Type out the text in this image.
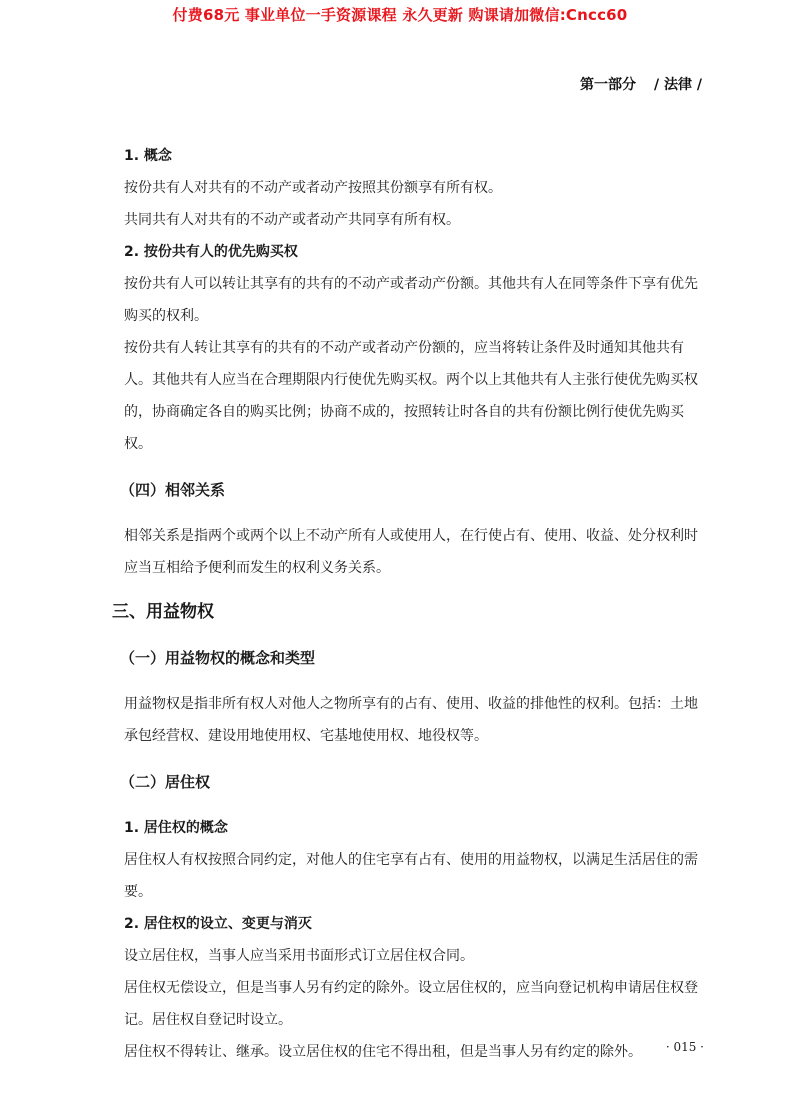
付费68元 事业单位一手资源课程 永久更新 购课请加微信:Cncc60
第一部分 / 法律 /
1. 概念

按份共有人对共有的不动产或者动产按照其份额享有所有权。

共同共有人对共有的不动产或者动产共同享有所有权。

2. 按份共有人的优先购买权

按份共有人可以转让其享有的共有的不动产或者动产份额。其他共有人在同等条件下享有优先购买的权利。

按份共有人转让其享有的共有的不动产或者动产份额的，应当将转让条件及时通知其他共有人。其他共有人应当在合理期限内行使优先购买权。两个以上其他共有人主张行使优先购买权的，协商确定各自的购买比例；协商不成的，按照转让时各自的共有份额比例行使优先购买权。

（四）相邻关系

相邻关系是指两个或两个以上不动产所有人或使用人，在行使占有、使用、收益、处分权利时应当互相给予便利而发生的权利义务关系。

三、用益物权
（一）用益物权的概念和类型

用益物权是指非所有权人对他人之物所享有的占有、使用、收益的排他性的权利。包括：土地承包经营权、建设用地使用权、宅基地使用权、地役权等。

（二）居住权
1. 居住权的概念

居住权人有权按照合同约定，对他人的住宅享有占有、使用的用益物权，以满足生活居住的需要。

2. 居住权的设立、变更与消灭

设立居住权，当事人应当采用书面形式订立居住权合同。

居住权无偿设立，但是当事人另有约定的除外。设立居住权的，应当向登记机构申请居住权登记。居住权自登记时设立。

居住权不得转让、继承。设立居住权的住宅不得出租，但是当事人另有约定的除外。	· 015 ·
